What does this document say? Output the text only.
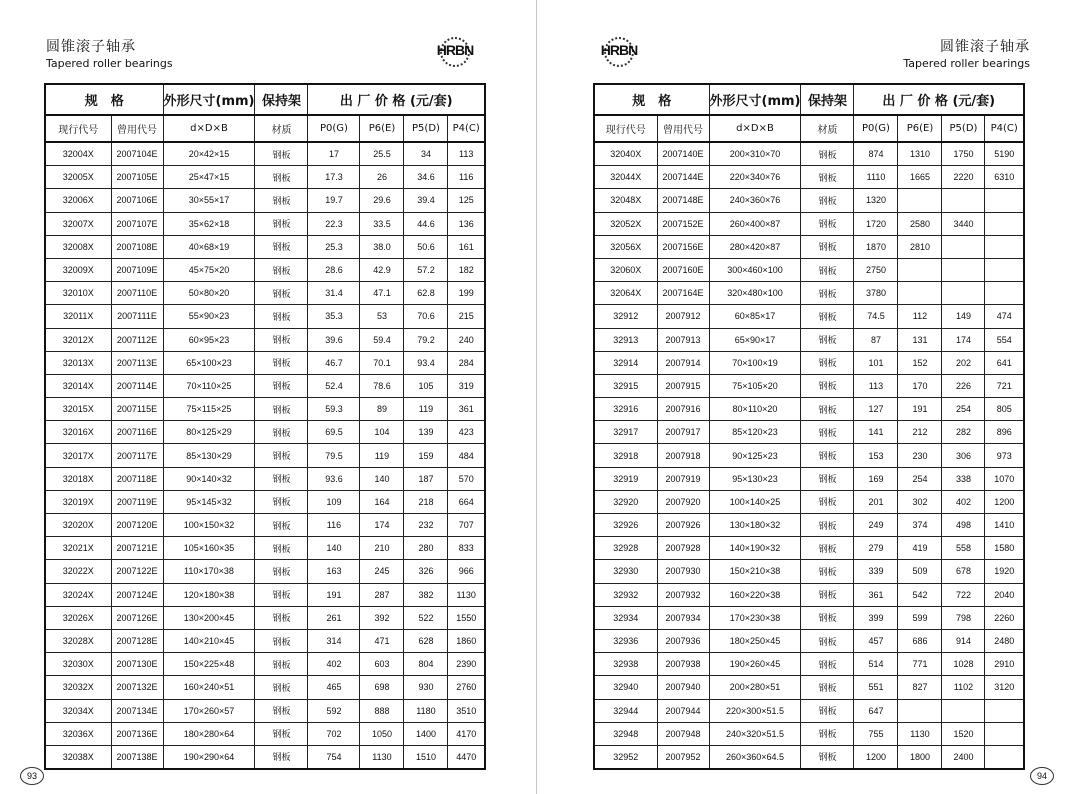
圆锥滚子轴承
Tapered roller bearings
HRBN
规　格		外形尺寸(mm)	保持架	出 厂 价 格 (元/套)			
现行代号	曾用代号	d×D×B	材质	P0(G)	P6(E)	P5(D)	P4(C)
32004X	2007104E	20×42×15	钢板	17	25.5	34	113
32005X	2007105E	25×47×15	钢板	17.3	26	34.6	116
32006X	2007106E	30×55×17	钢板	19.7	29.6	39.4	125
32007X	2007107E	35×62×18	钢板	22.3	33.5	44.6	136
32008X	2007108E	40×68×19	钢板	25.3	38.0	50.6	161
32009X	2007109E	45×75×20	钢板	28.6	42.9	57.2	182
32010X	2007110E	50×80×20	钢板	31.4	47.1	62.8	199
32011X	2007111E	55×90×23	钢板	35.3	53	70.6	215
32012X	2007112E	60×95×23	钢板	39.6	59.4	79.2	240
32013X	2007113E	65×100×23	钢板	46.7	70.1	93.4	284
32014X	2007114E	70×110×25	钢板	52.4	78.6	105	319
32015X	2007115E	75×115×25	钢板	59.3	89	119	361
32016X	2007116E	80×125×29	钢板	69.5	104	139	423
32017X	2007117E	85×130×29	钢板	79.5	119	159	484
32018X	2007118E	90×140×32	钢板	93.6	140	187	570
32019X	2007119E	95×145×32	钢板	109	164	218	664
32020X	2007120E	100×150×32	钢板	116	174	232	707
32021X	2007121E	105×160×35	钢板	140	210	280	833
32022X	2007122E	110×170×38	钢板	163	245	326	966
32024X	2007124E	120×180×38	钢板	191	287	382	1130
32026X	2007126E	130×200×45	钢板	261	392	522	1550
32028X	2007128E	140×210×45	钢板	314	471	628	1860
32030X	2007130E	150×225×48	钢板	402	603	804	2390
32032X	2007132E	160×240×51	钢板	465	698	930	2760
32034X	2007134E	170×260×57	钢板	592	888	1180	3510
32036X	2007136E	180×280×64	钢板	702	1050	1400	4170
32038X	2007138E	190×290×64	钢板	754	1130	1510	4470
93
圆锥滚子轴承
Tapered roller bearings
HRBN
规　格		外形尺寸(mm)	保持架	出 厂 价 格 (元/套)			
现行代号	曾用代号	d×D×B	材质	P0(G)	P6(E)	P5(D)	P4(C)
32040X	2007140E	200×310×70	钢板	874	1310	1750	5190
32044X	2007144E	220×340×76	钢板	1110	1665	2220	6310
32048X	2007148E	240×360×76	钢板	1320			
32052X	2007152E	260×400×87	钢板	1720	2580	3440	
32056X	2007156E	280×420×87	钢板	1870	2810		
32060X	2007160E	300×460×100	钢板	2750			
32064X	2007164E	320×480×100	钢板	3780			
32912	2007912	60×85×17	钢板	74.5	112	149	474
32913	2007913	65×90×17	钢板	87	131	174	554
32914	2007914	70×100×19	钢板	101	152	202	641
32915	2007915	75×105×20	钢板	113	170	226	721
32916	2007916	80×110×20	钢板	127	191	254	805
32917	2007917	85×120×23	钢板	141	212	282	896
32918	2007918	90×125×23	钢板	153	230	306	973
32919	2007919	95×130×23	钢板	169	254	338	1070
32920	2007920	100×140×25	钢板	201	302	402	1200
32926	2007926	130×180×32	钢板	249	374	498	1410
32928	2007928	140×190×32	钢板	279	419	558	1580
32930	2007930	150×210×38	钢板	339	509	678	1920
32932	2007932	160×220×38	钢板	361	542	722	2040
32934	2007934	170×230×38	钢板	399	599	798	2260
32936	2007936	180×250×45	钢板	457	686	914	2480
32938	2007938	190×260×45	钢板	514	771	1028	2910
32940	2007940	200×280×51	钢板	551	827	1102	3120
32944	2007944	220×300×51.5	钢板	647			
32948	2007948	240×320×51.5	钢板	755	1130	1520	
32952	2007952	260×360×64.5	钢板	1200	1800	2400	
94
